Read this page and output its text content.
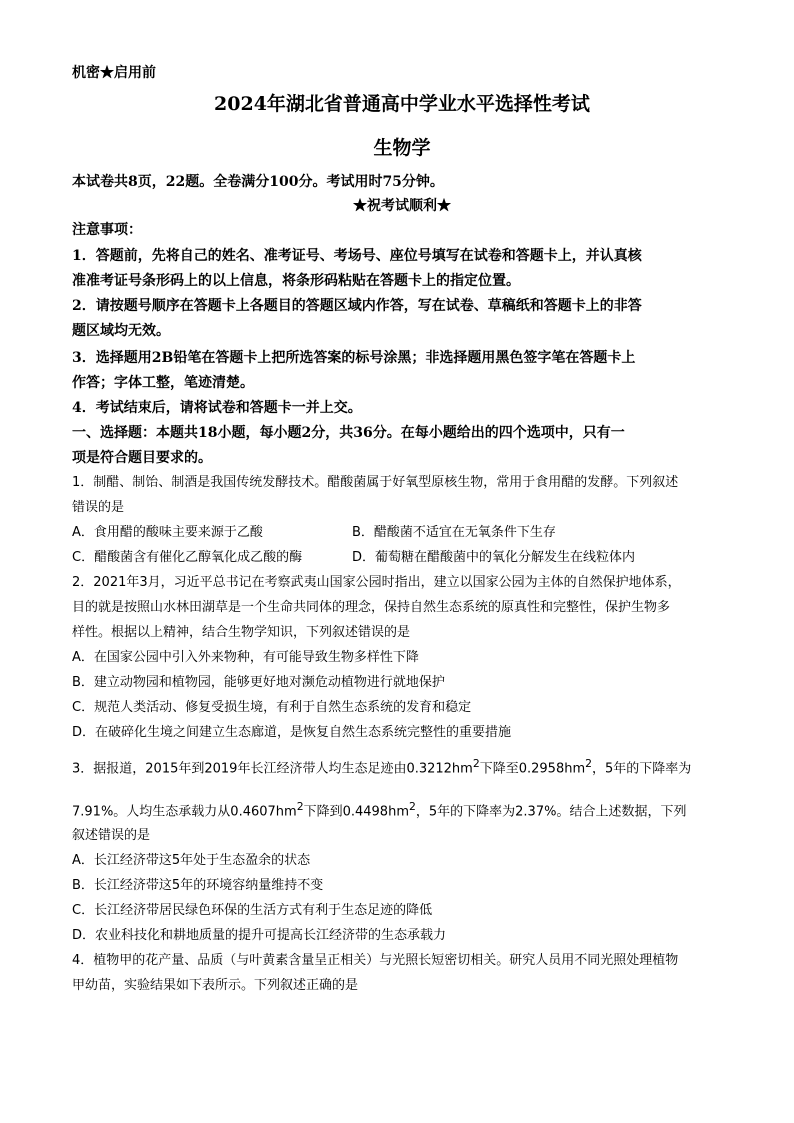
机密★启用前
2024年湖北省普通高中学业水平选择性考试
生物学
本试卷共8页，22题。全卷满分100分。考试用时75分钟。
★祝考试顺利★
注意事项：
1．答题前，先将自己的姓名、准考证号、考场号、座位号填写在试卷和答题卡上，并认真核
准准考证号条形码上的以上信息，将条形码粘贴在答题卡上的指定位置。
2．请按题号顺序在答题卡上各题目的答题区域内作答，写在试卷、草稿纸和答题卡上的非答
题区域均无效。
3．选择题用2B铅笔在答题卡上把所选答案的标号涂黑；非选择题用黑色签字笔在答题卡上
作答；字体工整，笔迹清楚。
4．考试结束后，请将试卷和答题卡一并上交。
一、选择题：本题共18小题，每小题2分，共36分。在每小题给出的四个选项中，只有一
项是符合题目要求的。
1．制醋、制饴、制酒是我国传统发酵技术。醋酸菌属于好氧型原核生物，常用于食用醋的发酵。下列叙述
错误的是
A．食用醋的酸味主要来源于乙酸	B．醋酸菌不适宜在无氧条件下生存
C．醋酸菌含有催化乙醇氧化成乙酸的酶	D．葡萄糖在醋酸菌中的氧化分解发生在线粒体内
2．2021年3月，习近平总书记在考察武夷山国家公园时指出，建立以国家公园为主体的自然保护地体系，
目的就是按照山水林田湖草是一个生命共同体的理念，保持自然生态系统的原真性和完整性，保护生物多
样性。根据以上精神，结合生物学知识，下列叙述错误的是
A．在国家公园中引入外来物种，有可能导致生物多样性下降
B．建立动物园和植物园，能够更好地对濒危动植物进行就地保护
C．规范人类活动、修复受损生境，有利于自然生态系统的发育和稳定
D．在破碎化生境之间建立生态廊道，是恢复自然生态系统完整性的重要措施
3．据报道，2015年到2019年长江经济带人均生态足迹由$0.3212hm^2$下降至$0.2958hm^2$，5年的下降率为
7.91%。人均生态承载力从$0.4607hm^2$下降到$0.4498hm^2$，5年的下降率为2.37%。结合上述数据，下列
叙述错误的是
A．长江经济带这5年处于生态盈余的状态
B．长江经济带这5年的环境容纳量维持不变
C．长江经济带居民绿色环保的生活方式有利于生态足迹的降低
D．农业科技化和耕地质量的提升可提高长江经济带的生态承载力
4．植物甲的花产量、品质（与叶黄素含量呈正相关）与光照长短密切相关。研究人员用不同光照处理植物
甲幼苗，实验结果如下表所示。下列叙述正确的是
